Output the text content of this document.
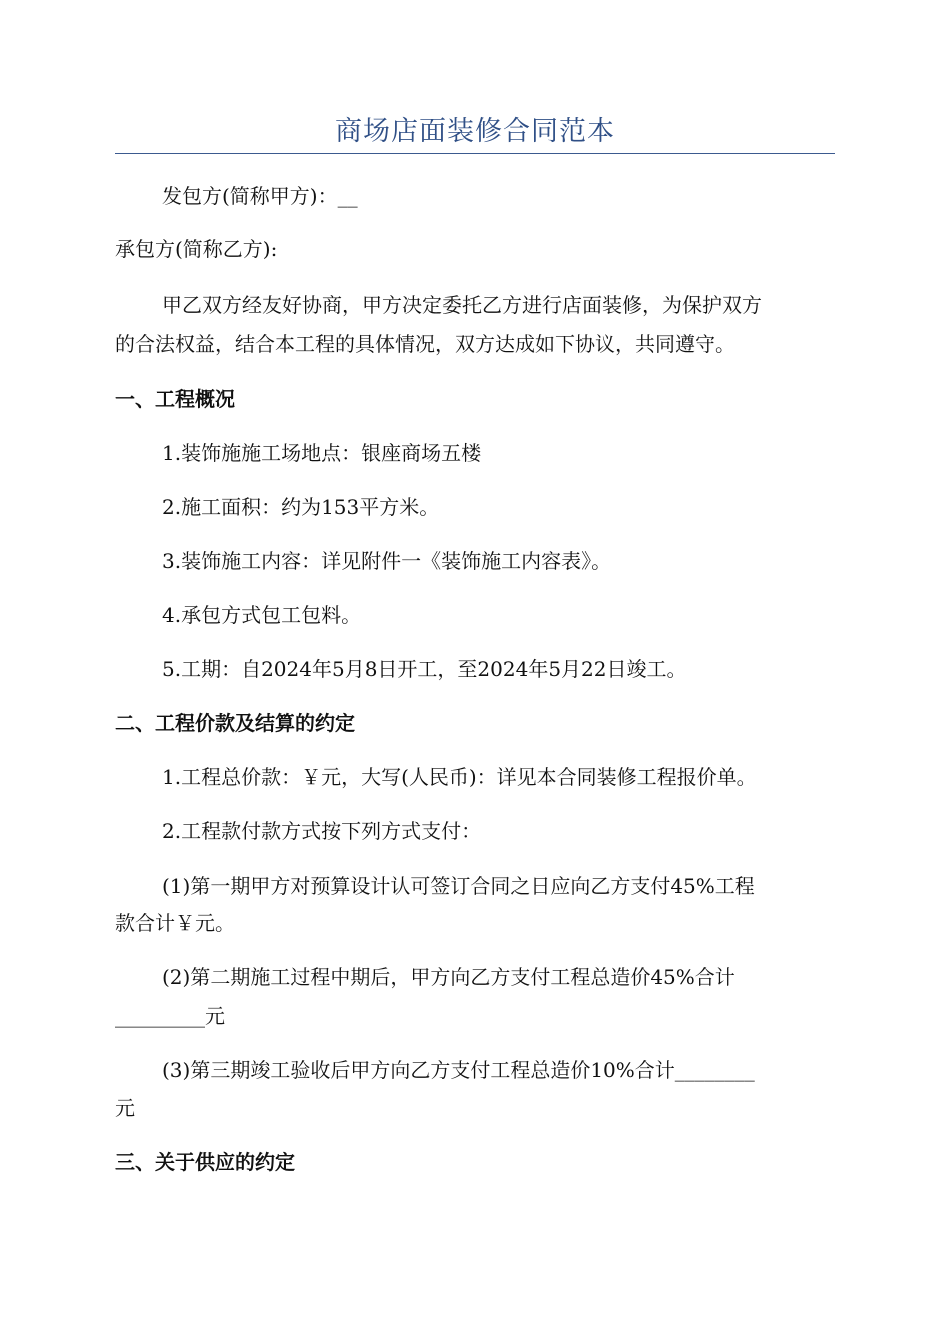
商场店面装修合同范本
发包方(简称甲方)：__
承包方(简称乙方):
甲乙双方经友好协商，甲方决定委托乙方进行店面装修，为保护双方
的合法权益，结合本工程的具体情况，双方达成如下协议，共同遵守。
一、工程概况
1.装饰施施工场地点：银座商场五楼
2.施工面积：约为153平方米。
3.装饰施工内容：详见附件一《装饰施工内容表》。
4.承包方式包工包料。
5.工期：自2024年5月8日开工，至2024年5月22日竣工。
二、工程价款及结算的约定
1.工程总价款：￥元，大写(人民币)：详见本合同装修工程报价单。
2.工程款付款方式按下列方式支付：
(1)第一期甲方对预算设计认可签订合同之日应向乙方支付45%工程
款合计￥元。
(2)第二期施工过程中期后，甲方向乙方支付工程总造价45%合计
_________元
(3)第三期竣工验收后甲方向乙方支付工程总造价10%合计________
元
三、关于供应的约定
